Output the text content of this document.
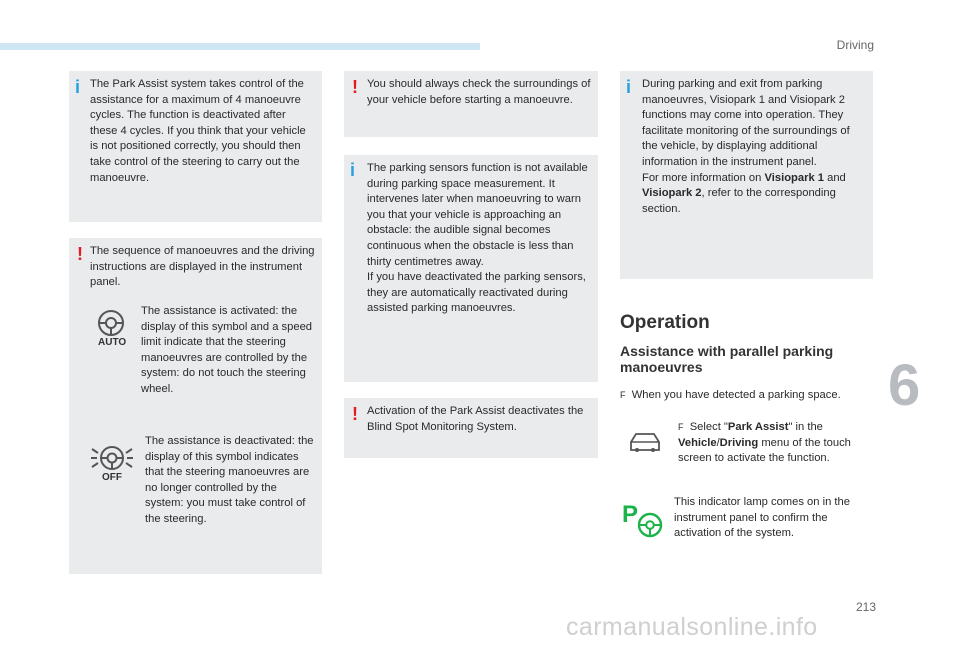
Driving
6
213
carmanualsonline.info
i The Park Assist system takes control of the assistance for a maximum of 4 manoeuvre cycles. The function is deactivated after these 4 cycles. If you think that your vehicle is not positioned correctly, you should then take control of the steering to carry out the manoeuvre.
! The sequence of manoeuvres and the driving instructions are displayed in the instrument panel.
AUTO
The assistance is activated: the display of this symbol and a speed limit indicate that the steering manoeuvres are controlled by the system: do not touch the steering wheel.
OFF
The assistance is deactivated: the display of this symbol indicates that the steering manoeuvres are no longer controlled by the system: you must take control of the steering.
! You should always check the surroundings of your vehicle before starting a manoeuvre.
i The parking sensors function is not available during parking space measurement. It intervenes later when manoeuvring to warn you that your vehicle is approaching an obstacle: the audible signal becomes continuous when the obstacle is less than thirty centimetres away.
If you have deactivated the parking sensors, they are automatically reactivated during assisted parking manoeuvres.
! Activation of the Park Assist deactivates the Blind Spot Monitoring System.
i During parking and exit from parking manoeuvres, Visiopark 1 and Visiopark 2 functions may come into operation. They facilitate monitoring of the surroundings of the vehicle, by displaying additional information in the instrument panel.
For more information on Visiopark 1 and Visiopark 2, refer to the corresponding section.
Operation
Assistance with parallel parking manoeuvres
F When you have detected a parking space.
F Select "Park Assist" in the Vehicle/Driving menu of the touch screen to activate the function.
P	This indicator lamp comes on in the instrument panel to confirm the activation of the system.
